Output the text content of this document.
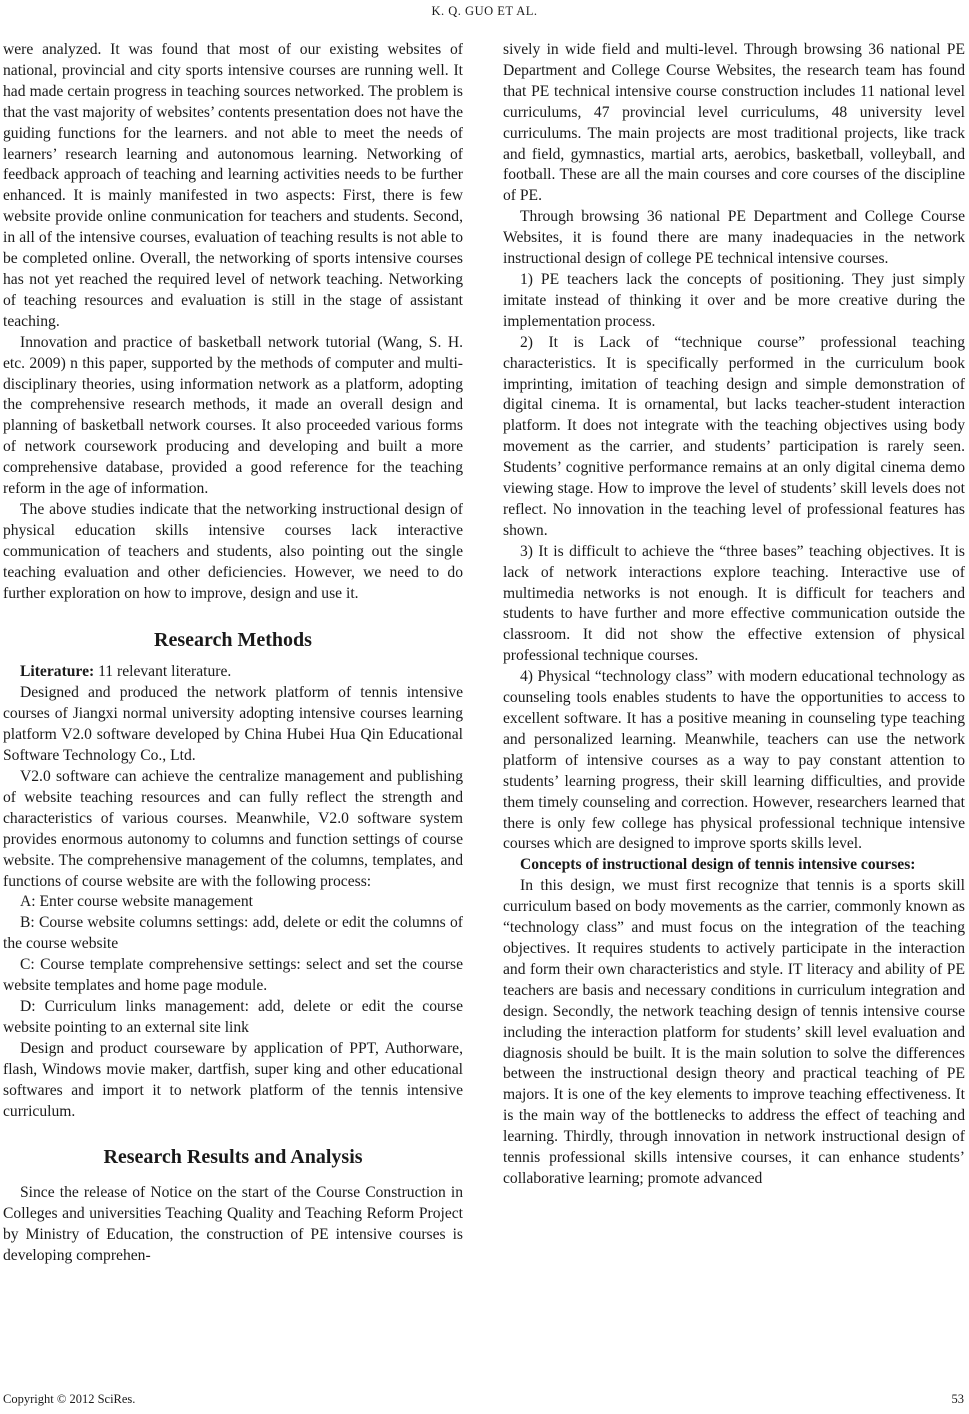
K. Q. GUO ET AL.

were analyzed. It was found that most of our existing websites of national, provincial and city sports intensive courses are running well. It had made certain progress in teaching sources networked. The problem is that the vast majority of websites’ contents presentation does not have the guiding functions for the learners. and not able to meet the needs of learners’ research learning and autonomous learning. Networking of feedback approach of teaching and learning activities needs to be further enhanced. It is mainly manifested in two aspects: First, there is few website provide online conmunication for teachers and students. Second, in all of the intensive courses, evaluation of teaching results is not able to be completed online. Overall, the networking of sports intensive courses has not yet reached the required level of network teaching. Networking of teaching resources and evaluation is still in the stage of assistant teaching.

Innovation and practice of basketball network tutorial (Wang, S. H. etc. 2009) n this paper, supported by the methods of computer and multi-disciplinary theories, using information network as a platform, adopting the comprehensive research methods, it made an overall design and planning of basketball network courses. It also proceeded various forms of network coursework producing and developing and built a more comprehensive database, provided a good reference for the teaching reform in the age of information.

The above studies indicate that the networking instructional design of physical education skills intensive courses lack interactive communication of teachers and students, also pointing out the single teaching evaluation and other deficiencies. However, we need to do further exploration on how to improve, design and use it.

Research Methods

Literature: 11 relevant literature.

Designed and produced the network platform of tennis intensive courses of Jiangxi normal university adopting intensive courses learning platform V2.0 software developed by China Hubei Hua Qin Educational Software Technology Co., Ltd.

V2.0 software can achieve the centralize management and publishing of website teaching resources and can fully reflect the strength and characteristics of various courses. Meanwhile, V2.0 software system provides enormous autonomy to columns and function settings of course website. The comprehensive management of the columns, templates, and functions of course website are with the following process:

A: Enter course website management

B: Course website columns settings: add, delete or edit the columns of the course website

C: Course template comprehensive settings: select and set the course website templates and home page module.

D: Curriculum links management: add, delete or edit the course website pointing to an external site link

Design and product courseware by application of PPT, Authorware, flash, Windows movie maker, dartfish, super king and other educational softwares and import it to network platform of the tennis intensive curriculum.

Research Results and Analysis

Since the release of Notice on the start of the Course Construction in Colleges and universities Teaching Quality and Teaching Reform Project by Ministry of Education, the construction of PE intensive courses is developing comprehen-

sively in wide field and multi-level. Through browsing 36 national PE Department and College Course Websites, the research team has found that PE technical intensive course construction includes 11 national level curriculums, 47 provincial level curriculums, 48 university level curriculums. The main projects are most traditional projects, like track and field, gymnastics, martial arts, aerobics, basketball, volleyball, and football. These are all the main courses and core courses of the discipline of PE.

Through browsing 36 national PE Department and College Course Websites, it is found there are many inadequacies in the network instructional design of college PE technical intensive courses.

1) PE teachers lack the concepts of positioning. They just simply imitate instead of thinking it over and be more creative during the implementation process.

2) It is Lack of “technique course” professional teaching characteristics. It is specifically performed in the curriculum book imprinting, imitation of teaching design and simple demonstration of digital cinema. It is ornamental, but lacks teacher-student interaction platform. It does not integrate with the teaching objectives using body movement as the carrier, and students’ participation is rarely seen. Students’ cognitive performance remains at an only digital cinema demo viewing stage. How to improve the level of students’ skill levels does not reflect. No innovation in the teaching level of professional features has shown.

3) It is difficult to achieve the “three bases” teaching objectives. It is lack of network interactions explore teaching. Interactive use of multimedia networks is not enough. It is difficult for teachers and students to have further and more effective communication outside the classroom. It did not show the effective extension of physical professional technique courses.

4) Physical “technology class” with modern educational technology as counseling tools enables students to have the opportunities to access to excellent software. It has a positive meaning in counseling type teaching and personalized learning. Meanwhile, teachers can use the network platform of intensive courses as a way to pay constant attention to students’ learning progress, their skill learning difficulties, and provide them timely counseling and correction. However, researchers learned that there is only few college has physical professional technique intensive courses which are designed to improve sports skills level.

Concepts of instructional design of tennis intensive courses:

In this design, we must first recognize that tennis is a sports skill curriculum based on body movements as the carrier, commonly known as “technology class” and must focus on the integration of the teaching objectives. It requires students to actively participate in the interaction and form their own characteristics and style. IT literacy and ability of PE teachers are basis and necessary conditions in curriculum integration and design. Secondly, the network teaching design of tennis intensive course including the interaction platform for students’ skill level evaluation and diagnosis should be built. It is the main solution to solve the differences between the instructional design theory and practical teaching of PE majors. It is one of the key elements to improve teaching effectiveness. It is the main way of the bottlenecks to address the effect of teaching and learning. Thirdly, through innovation in network instructional design of tennis professional skills intensive courses, it can enhance students’ collaborative learning; promote advanced

Copyright © 2012 SciRes.	53
